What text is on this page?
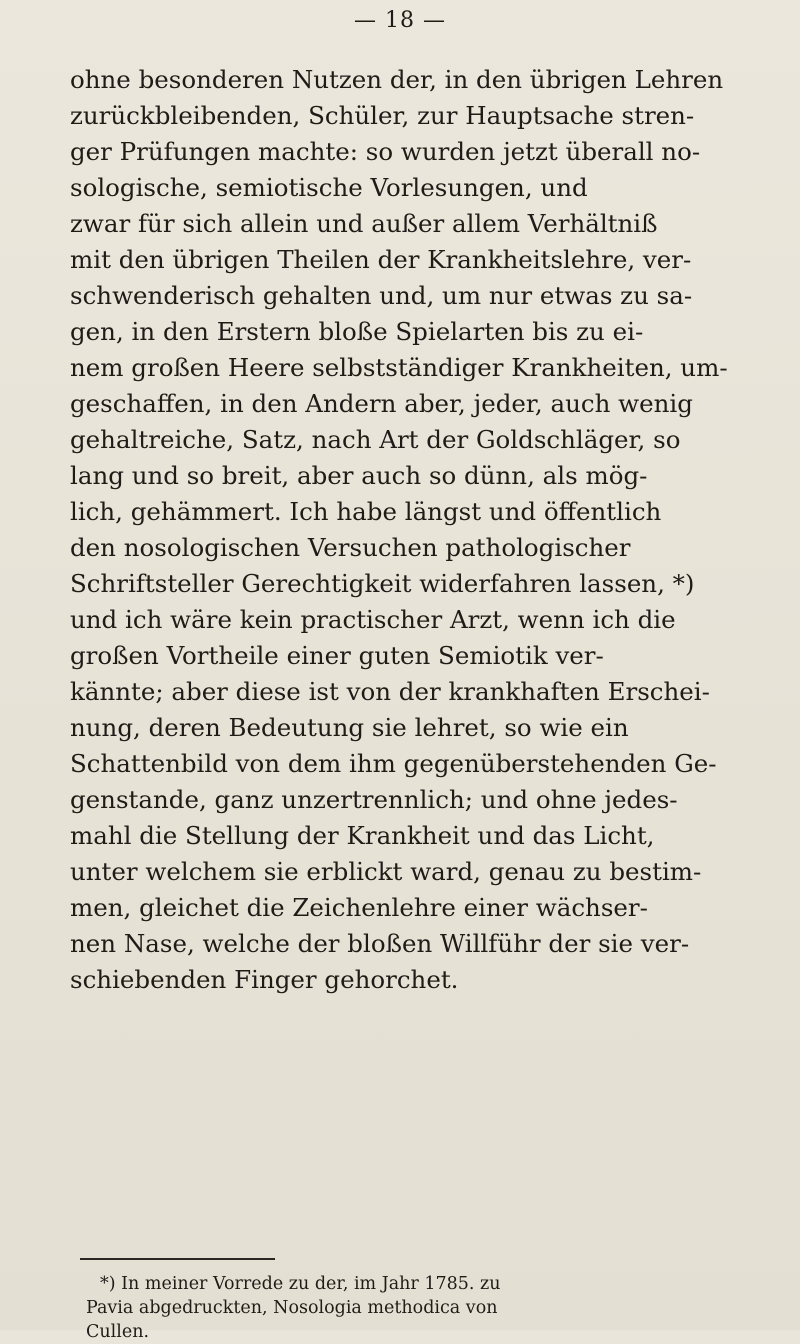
— 18 —
ohne besonderen Nutzen der, in den übrigen Lehren
zurückbleibenden, Schüler, zur Hauptsache stren-
ger Prüfungen machte: so wurden jetzt überall no-
sologische, semiotische Vorlesungen, und
zwar für sich allein und außer allem Verhältniß
mit den übrigen Theilen der Krankheitslehre, ver-
schwenderisch gehalten und, um nur etwas zu sa-
gen, in den Erstern bloße Spielarten bis zu ei-
nem großen Heere selbstständiger Krankheiten, um-
geschaffen, in den Andern aber, jeder, auch wenig
gehaltreiche, Satz, nach Art der Goldschläger, so
lang und so breit, aber auch so dünn, als mög-
lich, gehämmert. Ich habe längst und öffentlich
den nosologischen Versuchen pathologischer
Schriftsteller Gerechtigkeit widerfahren lassen, *)
und ich wäre kein practischer Arzt, wenn ich die
großen Vortheile einer guten Semiotik ver-
kännte; aber diese ist von der krankhaften Erschei-
nung, deren Bedeutung sie lehret, so wie ein
Schattenbild von dem ihm gegenüberstehenden Ge-
genstande, ganz unzertrennlich; und ohne jedes-
mahl die Stellung der Krankheit und das Licht,
unter welchem sie erblickt ward, genau zu bestim-
men, gleichet die Zeichenlehre einer wächser-
nen Nase, welche der bloßen Willführ der sie ver-
schiebenden Finger gehorchet.
*) In meiner Vorrede zu der, im Jahr 1785. zu
Pavia abgedruckten, Nosologia methodica von
Cullen.
